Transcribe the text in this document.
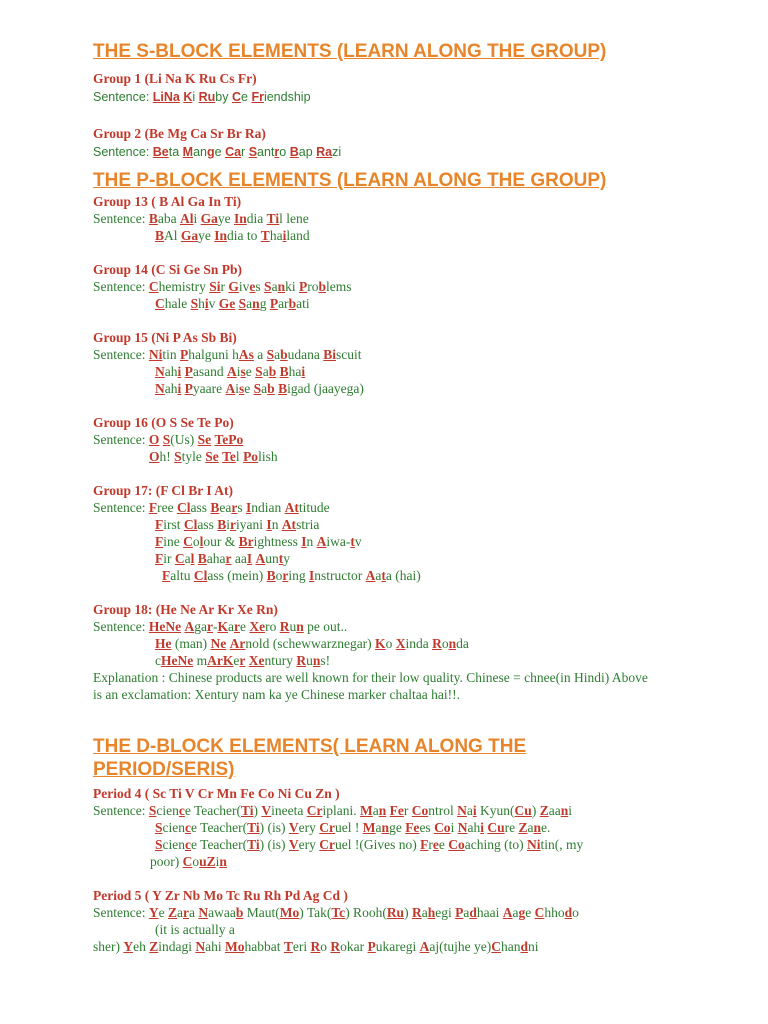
THE S-BLOCK ELEMENTS (LEARN ALONG THE GROUP)

Group 1 (Li Na K Ru Cs Fr)

Sentence: LiNa Ki Ruby Ce Friendship

Group 2 (Be Mg Ca Sr Br Ra)

Sentence: Beta Mange Car Santro Bap Razi

THE P-BLOCK ELEMENTS (LEARN ALONG THE GROUP)

Group 13 ( B Al Ga In Ti)

Sentence: Baba Ali Gaye India Til lene

BAl Gaye India to Thailand

Group 14 (C Si Ge Sn Pb)

Sentence: Chemistry Sir Gives Sanki Problems

Chale Shiv Ge Sang Parbati

Group 15 (Ni P As Sb Bi)

Sentence: Nitin Phalguni hAs a Sabudana Biscuit

Nahi Pasand Aise Sab Bhai

Nahi Pyaare Aise Sab Bigad (jaayega)

Group 16 (O S Se Te Po)

Sentence: O S(Us) Se TePo

Oh! Style Se Tel Polish

Group 17: (F Cl Br I At)

Sentence: Free Class Bears Indian Attitude

First Class Biriyani In Atstria

Fine Colour & Brightness In Aiwa-tv

Fir Cal Bahar aaI Aunty

Faltu Class (mein) Boring Instructor Aata (hai)

Group 18: (He Ne Ar Kr Xe Rn)

Sentence: HeNe Agar-Kare Xero Run pe out..

He (man) Ne Arnold (schewwarznegar) Ko Xinda Ronda

cHeNe mArKer Xentury Runs!

Explanation : Chinese products are well known for their low quality. Chinese = chnee(in Hindi) Above is an exclamation: Xentury nam ka ye Chinese marker chaltaa hai!!.

THE D-BLOCK ELEMENTS( LEARN ALONG THE PERIOD/SERIS)

Period 4 ( Sc Ti V Cr Mn Fe Co Ni Cu Zn )

Sentence: Science Teacher(Ti) Vineeta Criplani. Man Fer Control Nai Kyun(Cu) Zaani

Science Teacher(Ti) (is) Very Cruel ! Mange Fees Coi Nahi Cure Zane.

Science Teacher(Ti) (is) Very Cruel !(Gives no) Free Coaching (to) Nitin(, my

poor) CouZin

Period 5 ( Y Zr Nb Mo Tc Ru Rh Pd Ag Cd )

Sentence: Ye Zara Nawaab Maut(Mo) Tak(Tc) Rooh(Ru) Rahegi Padhaai Aage Chhodo

(it is actually a

sher) Yeh Zindagi Nahi Mohabbat Teri Ro Rokar Pukaregi Aaj(tujhe ye)Chandni
